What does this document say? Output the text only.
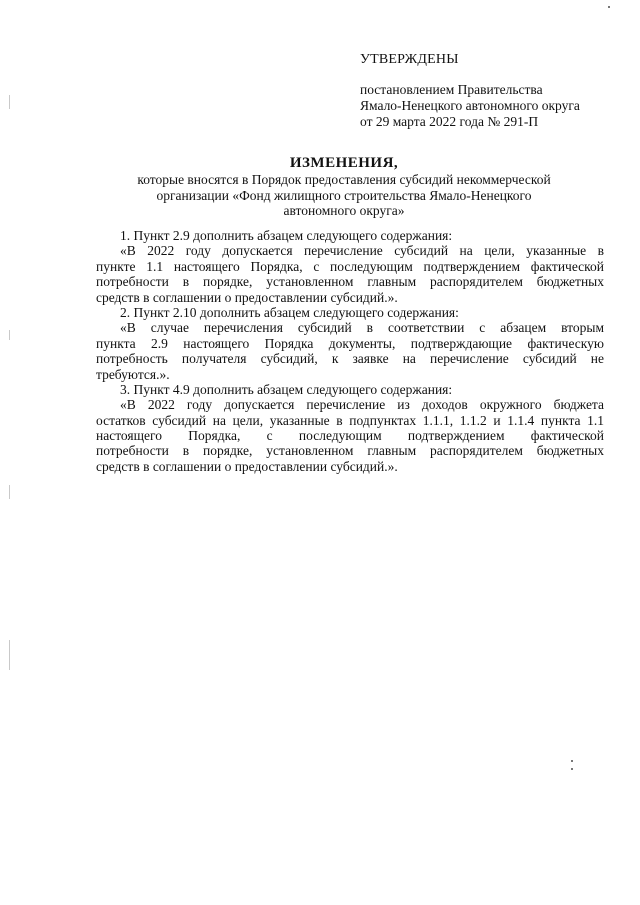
УТВЕРЖДЕНЫ
постановлением Правительства
Ямало-Ненецкого автономного округа
от 29 марта 2022 года № 291-П
ИЗМЕНЕНИЯ,
которые вносятся в Порядок предоставления субсидий некоммерческой
организации «Фонд жилищного строительства Ямало-Ненецкого
автономного округа»
1. Пункт 2.9 дополнить абзацем следующего содержания:
«В 2022 году допускается перечисление субсидий на цели, указанные в
пункте 1.1 настоящего Порядка, с последующим подтверждением фактической
потребности в порядке, установленном главным распорядителем бюджетных
средств в соглашении о предоставлении субсидий.».
2. Пункт 2.10 дополнить абзацем следующего содержания:
«В случае перечисления субсидий в соответствии с абзацем вторым
пункта 2.9 настоящего Порядка документы, подтверждающие фактическую
потребность получателя субсидий, к заявке на перечисление субсидий не
требуются.».
3. Пункт 4.9 дополнить абзацем следующего содержания:
«В 2022 году допускается перечисление из доходов окружного бюджета
остатков субсидий на цели, указанные в подпунктах 1.1.1, 1.1.2 и 1.1.4 пункта 1.1
настоящего Порядка, с последующим подтверждением фактической
потребности в порядке, установленном главным распорядителем бюджетных
средств в соглашении о предоставлении субсидий.».
